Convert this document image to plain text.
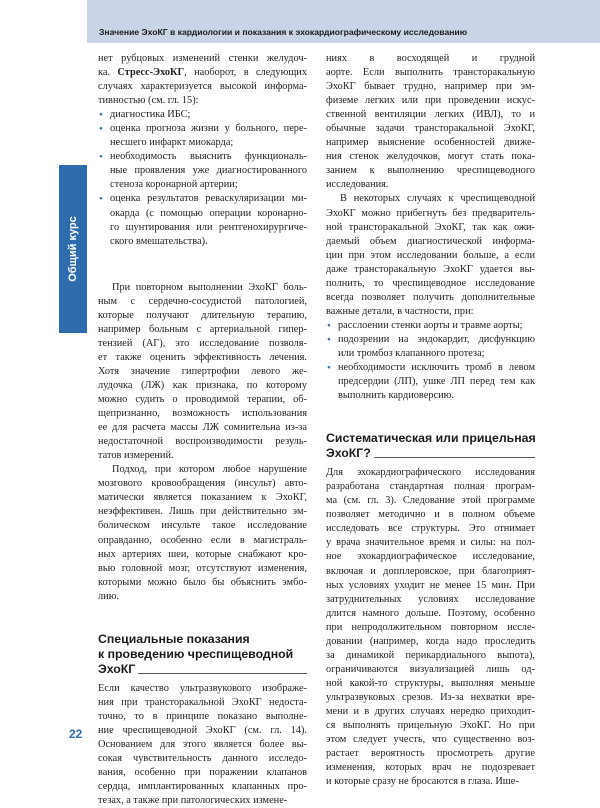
Значение ЭхоКГ в кардиологии и показания к эхокардиографическому исследованию
Общий курс
22
нет рубцовых изменений стенки желудоч-
ка. Стресс-ЭхоКГ, наоборот, в следующих
случаях характеризуется высокой информа-
тивностью (см. гл. 15):
• диагностика ИБС;
• оценка прогноза жизни у больного, пере-
несшего инфаркт миокарда;
• необходимость выяснить функциональ-
ные проявления уже диагностированного
стеноза коронарной артерии;
• оценка результатов реваскуляризации ми-
окарда (с помощью операции коронарно-
го шунтирования или рентгенохирургиче-
ского вмешательства).
При повторном выполнении ЭхоКГ боль-
ным с сердечно-сосудистой патологией,
которые получают длительную терапию,
например больным с артериальной гипер-
тензией (АГ), это исследование позволя-
ет также оценить эффективность лечения.
Хотя значение гипертрофии левого же-
лудочка (ЛЖ) как признака, по которому
можно судить о проводимой терапии, об-
щепризнанно, возможность использования
ее для расчета массы ЛЖ сомнительна из-за
недостаточной воспроизводимости резуль-
татов измерений.
Подход, при котором любое нарушение
мозгового кровообращения (инсульт) авто-
матически является показанием к ЭхоКГ,
неэффективен. Лишь при действительно эм-
болическом инсульте такое исследование
оправданно, особенно если в магистраль-
ных артериях шеи, которые снабжают кро-
вью головной мозг, отсутствуют изменения,
которыми можно было бы объяснить эмбо-
лию.
Специальные показания
к проведению чреспищеводной
ЭхоКГ
Если качество ультразвукового изображе-
ния при трансторакальной ЭхоКГ недоста-
точно, то в принципе показано выполне-
ние чреспищеводной ЭхоКГ (см. гл. 14).
Основанием для этого является более вы-
сокая чувствительность данного исследо-
вания, особенно при поражении клапанов
сердца, имплантированных клапанных про-
тезах, а также при патологических измене-
ниях в восходящей и грудной
аорте. Если выполнить трансторакальную
ЭхоКГ бывает трудно, например при эм-
физеме легких или при проведении искус-
ственной вентиляции легких (ИВЛ), то и
обычные задачи трансторакальной ЭхоКГ,
например выяснение особенностей движе-
ния стенок желудочков, могут стать пока-
занием к выполнению чреспищеводного
исследования.
В некоторых случаях к чреспищеводной
ЭхоКГ можно прибегнуть без предваритель-
ной трансторакальной ЭхоКГ, так как ожи-
даемый объем диагностической информа-
ции при этом исследовании больше, а если
даже трансторакальную ЭхоКГ удается вы-
полнить, то чреспищеводное исследование
всегда позволяет получить дополнительные
важные детали, в частности, при:
• расслоении стенки аорты и травме аорты;
• подозрении на эндокардит, дисфункцию
или тромбоз клапанного протеза;
• необходимости исключить тромб в левом
предсердии (ЛП), ушке ЛП перед тем как
выполнить кардиоверсию.
Систематическая или прицельная
ЭхоКГ?
Для эхокардиографического исследования
разработана стандартная полная програм-
ма (см. гл. 3). Следование этой программе
позволяет методично и в полном объеме
исследовать все структуры. Это отнимает
у врача значительное время и силы: на пол-
ное эхокардиографическое исследование,
включая и допплеровское, при благоприят-
ных условиях уходит не менее 15 мин. При
затруднительных условиях исследование
длится намного дольше. Поэтому, особенно
при непродолжительном повторном иссле-
довании (например, когда надо проследить
за динамикой перикардиального выпота),
ограничиваются визуализацией лишь од-
ной какой-то структуры, выполняя меньше
ультразвуковых срезов. Из-за нехватки вре-
мени и в других случаях нередко приходит-
ся выполнять прицельную ЭхоКГ. Но при
этом следует учесть, что существенно воз-
растает вероятность просмотреть другие
изменения, которых врач не подозревает
и которые сразу не бросаются в глаза. Ише-
